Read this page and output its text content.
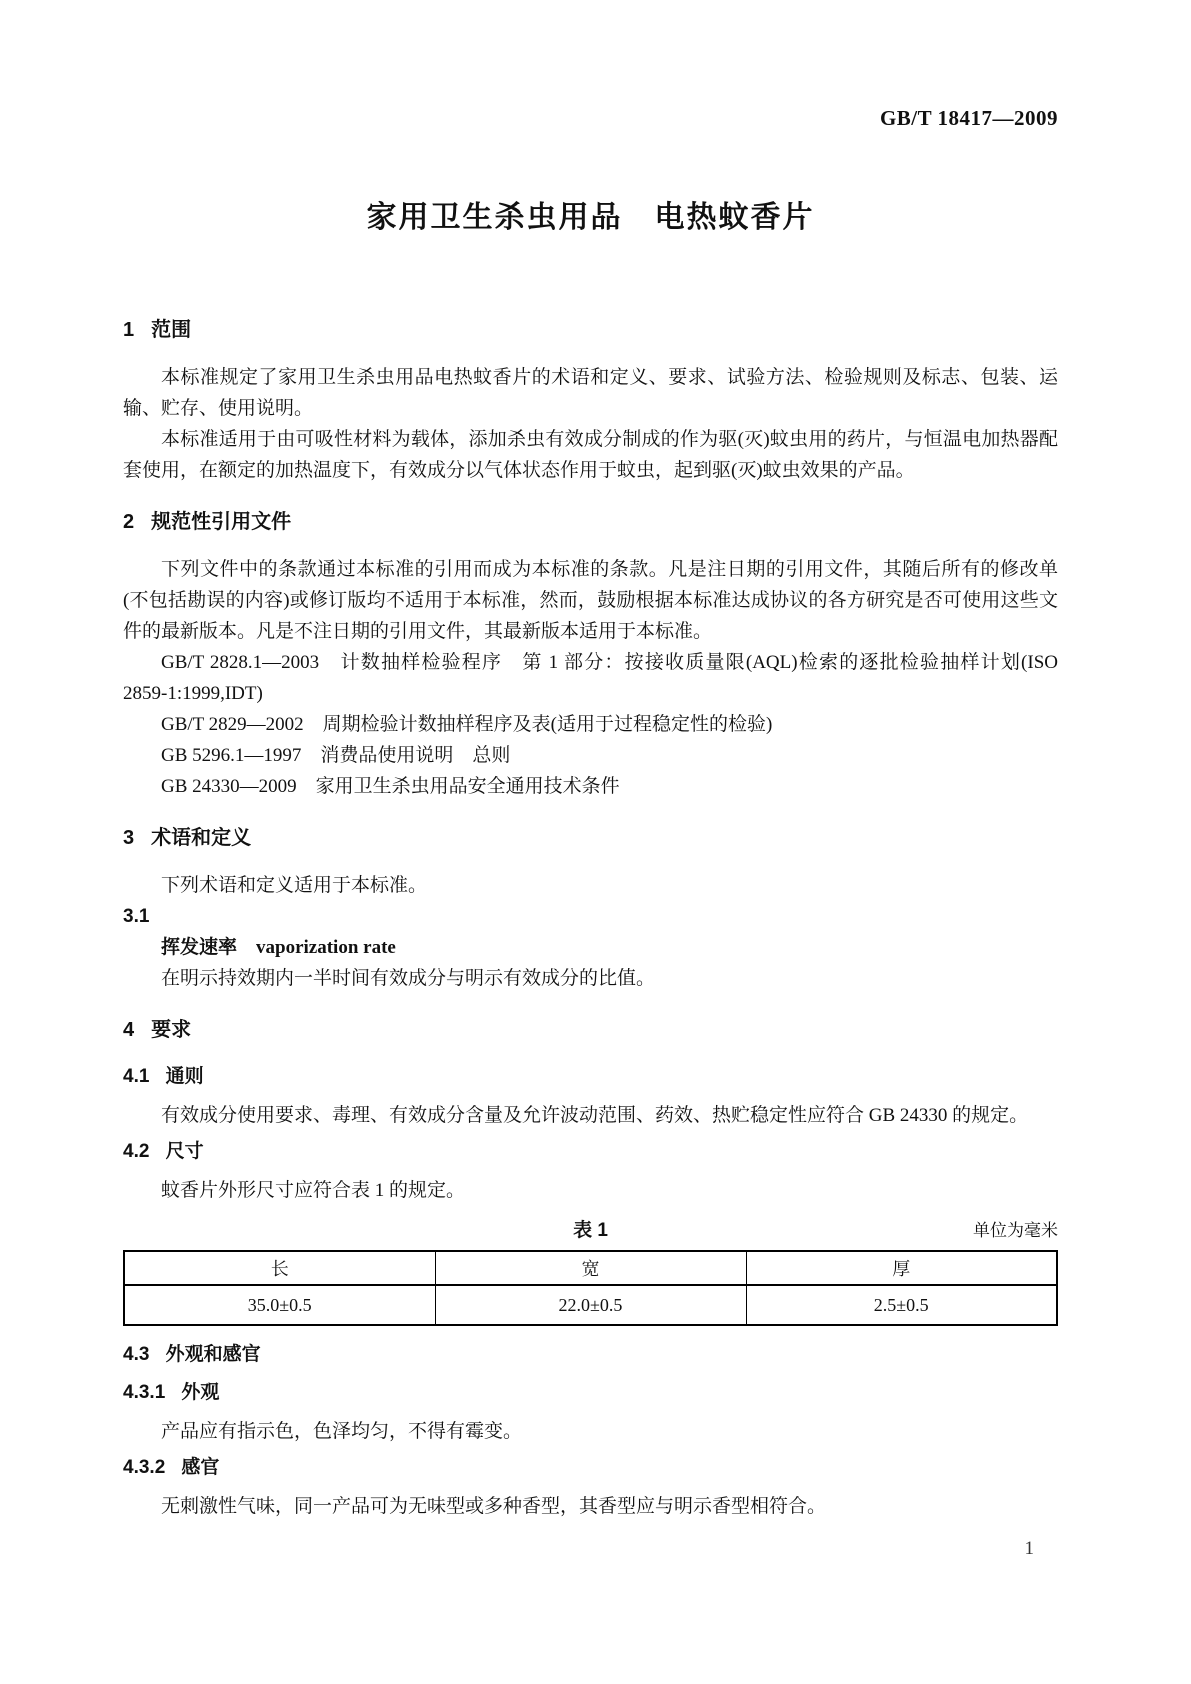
GB/T 18417—2009
家用卫生杀虫用品　电热蚊香片
1 范围

本标准规定了家用卫生杀虫用品电热蚊香片的术语和定义、要求、试验方法、检验规则及标志、包装、运输、贮存、使用说明。

本标准适用于由可吸性材料为载体，添加杀虫有效成分制成的作为驱(灭)蚊虫用的药片，与恒温电加热器配套使用，在额定的加热温度下，有效成分以气体状态作用于蚊虫，起到驱(灭)蚊虫效果的产品。

2 规范性引用文件

下列文件中的条款通过本标准的引用而成为本标准的条款。凡是注日期的引用文件，其随后所有的修改单(不包括勘误的内容)或修订版均不适用于本标准，然而，鼓励根据本标准达成协议的各方研究是否可使用这些文件的最新版本。凡是不注日期的引用文件，其最新版本适用于本标准。

GB/T 2828.1—2003　计数抽样检验程序　第 1 部分：按接收质量限(AQL)检索的逐批检验抽样计划(ISO 2859-1:1999,IDT)

GB/T 2829—2002　周期检验计数抽样程序及表(适用于过程稳定性的检验)

GB 5296.1—1997　消费品使用说明　总则

GB 24330—2009　家用卫生杀虫用品安全通用技术条件

3 术语和定义

下列术语和定义适用于本标准。

3.1
挥发速率 vaporization rate

在明示持效期内一半时间有效成分与明示有效成分的比值。

4 要求
4.1 通则

有效成分使用要求、毒理、有效成分含量及允许波动范围、药效、热贮稳定性应符合 GB 24330 的规定。

4.2 尺寸

蚊香片外形尺寸应符合表 1 的规定。

表 1	单位为毫米
长	宽	厚
35.0±0.5	22.0±0.5	2.5±0.5
4.3 外观和感官
4.3.1 外观

产品应有指示色，色泽均匀，不得有霉变。

4.3.2 感官

无刺激性气味，同一产品可为无味型或多种香型，其香型应与明示香型相符合。

1
